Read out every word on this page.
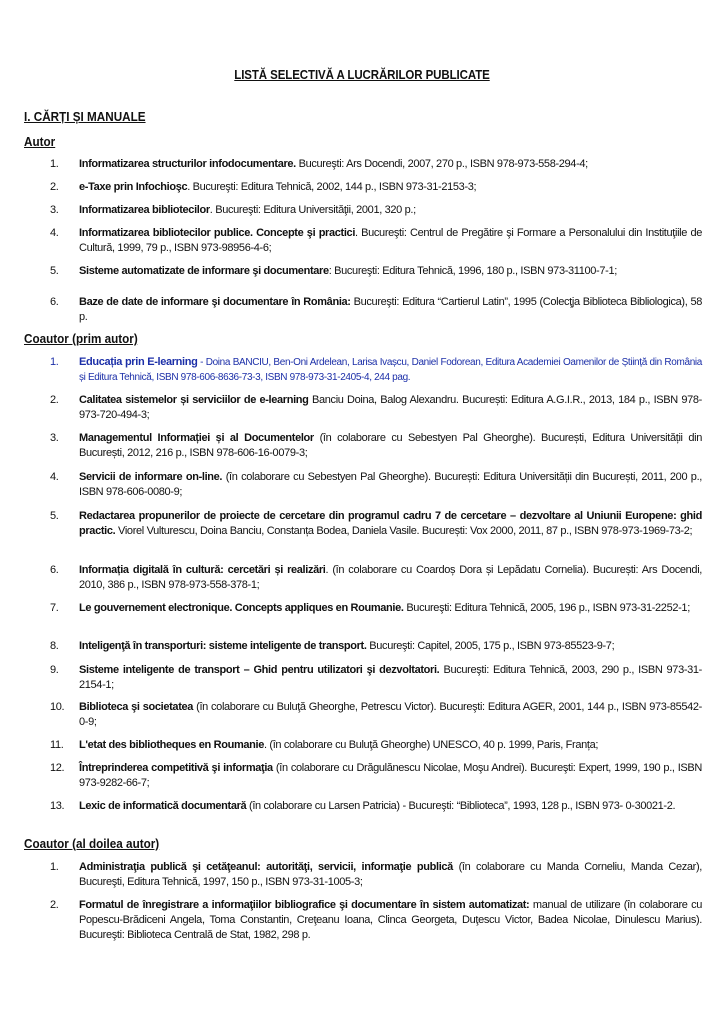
LISTĂ SELECTIVĂ A LUCRĂRILOR PUBLICATE
I. CĂRȚI ȘI MANUALE
Autor
1.	Informatizarea structurilor infodocumentare. Bucureşti: Ars Docendi, 2007, 270 p., ISBN 978-973-558-294-4;
2.	e-Taxe prin Infochioşc. Bucureşti: Editura Tehnică, 2002, 144 p., ISBN 973-31-2153-3;
3.	Informatizarea bibliotecilor. Bucureşti: Editura Universităţii, 2001, 320 p.;
4.	Informatizarea bibliotecilor publice. Concepte şi practici. Bucureşti: Centrul de Pregătire şi Formare a Personalului din Instituţiile de Cultură, 1999, 79 p., ISBN 973-98956-4-6;
5.	Sisteme automatizate de informare şi documentare: Bucureşti: Editura Tehnică, 1996, 180 p., ISBN 973-31100-7-1;
6.	Baze de date de informare şi documentare în România: Bucureşti: Editura “Cartierul Latin”, 1995 (Colecţja Biblioteca Bibliologica), 58 p.
Coautor (prim autor)
1.	Educația prin E-learning - Doina BANCIU, Ben-Oni Ardelean, Larisa Ivașcu, Daniel Fodorean, Editura Academiei Oamenilor de Știință din România și Editura Tehnică, ISBN 978-606-8636-73-3, ISBN 978-973-31-2405-4, 244 pag.
2.	Calitatea sistemelor și serviciilor de e-learning Banciu Doina, Balog Alexandru. București: Editura A.G.I.R., 2013, 184 p., ISBN 978-973-720-494-3;
3.	Managementul Informației și al Documentelor (în colaborare cu Sebestyen Pal Gheorghe). București, Editura Universității din București, 2012, 216 p., ISBN 978-606-16-0079-3;
4.	Servicii de informare on-line. (în colaborare cu Sebestyen Pal Gheorghe). București: Editura Universității din București, 2011, 200 p., ISBN 978-606-0080-9;
5.	Redactarea propunerilor de proiecte de cercetare din programul cadru 7 de cercetare – dezvoltare al Uniunii Europene: ghid practic. Viorel Vulturescu, Doina Banciu, Constanța Bodea, Daniela Vasile. București: Vox 2000, 2011, 87 p., ISBN 978-973-1969-73-2;
6.	Informația digitală în cultură: cercetări și realizări. (în colaborare cu Coardoș Dora și Lepădatu Cornelia). București: Ars Docendi, 2010, 386 p., ISBN 978-973-558-378-1;
7.	Le gouvernement electronique. Concepts appliques en Roumanie. Bucureşti: Editura Tehnică, 2005, 196 p., ISBN 973-31-2252-1;
8.	Inteligenţă în transporturi: sisteme inteligente de transport. Bucureşti: Capitel, 2005, 175 p., ISBN 973-85523-9-7;
9.	Sisteme inteligente de transport – Ghid pentru utilizatori şi dezvoltatori. Bucureşti: Editura Tehnică, 2003, 290 p., ISBN 973-31-2154-1;
10.	Biblioteca şi societatea (în colaborare cu Buluţă Gheorghe, Petrescu Victor). Bucureşti: Editura AGER, 2001, 144 p., ISBN 973-85542-0-9;
11.	L'etat des bibliotheques en Roumanie. (în colaborare cu Buluţă Gheorghe) UNESCO, 40 p. 1999, Paris, Franța;
12.	Întreprinderea competitivă şi informaţia (în colaborare cu Drăgulănescu Nicolae, Moşu Andrei). Bucureşti: Expert, 1999, 190 p., ISBN 973-9282-66-7;
13.	Lexic de informatică documentară (în colaborare cu Larsen Patricia) - Bucureşti: “Biblioteca”, 1993, 128 p., ISBN 973- 0-30021-2.
Coautor (al doilea autor)
1.	Administraţia publică şi cetăţeanul: autorităţi, servicii, informaţie publică (în colaborare cu Manda Corneliu, Manda Cezar), Bucureşti, Editura Tehnică, 1997, 150 p., ISBN 973-31-1005-3;
2.	Formatul de înregistrare a informaţiilor bibliografice şi documentare în sistem automatizat: manual de utilizare (în colaborare cu Popescu-Brădiceni Angela, Toma Constantin, Creţeanu Ioana, Clinca Georgeta, Duţescu Victor, Badea Nicolae, Dinulescu Marius). Bucureşti: Biblioteca Centrală de Stat, 1982, 298 p.
